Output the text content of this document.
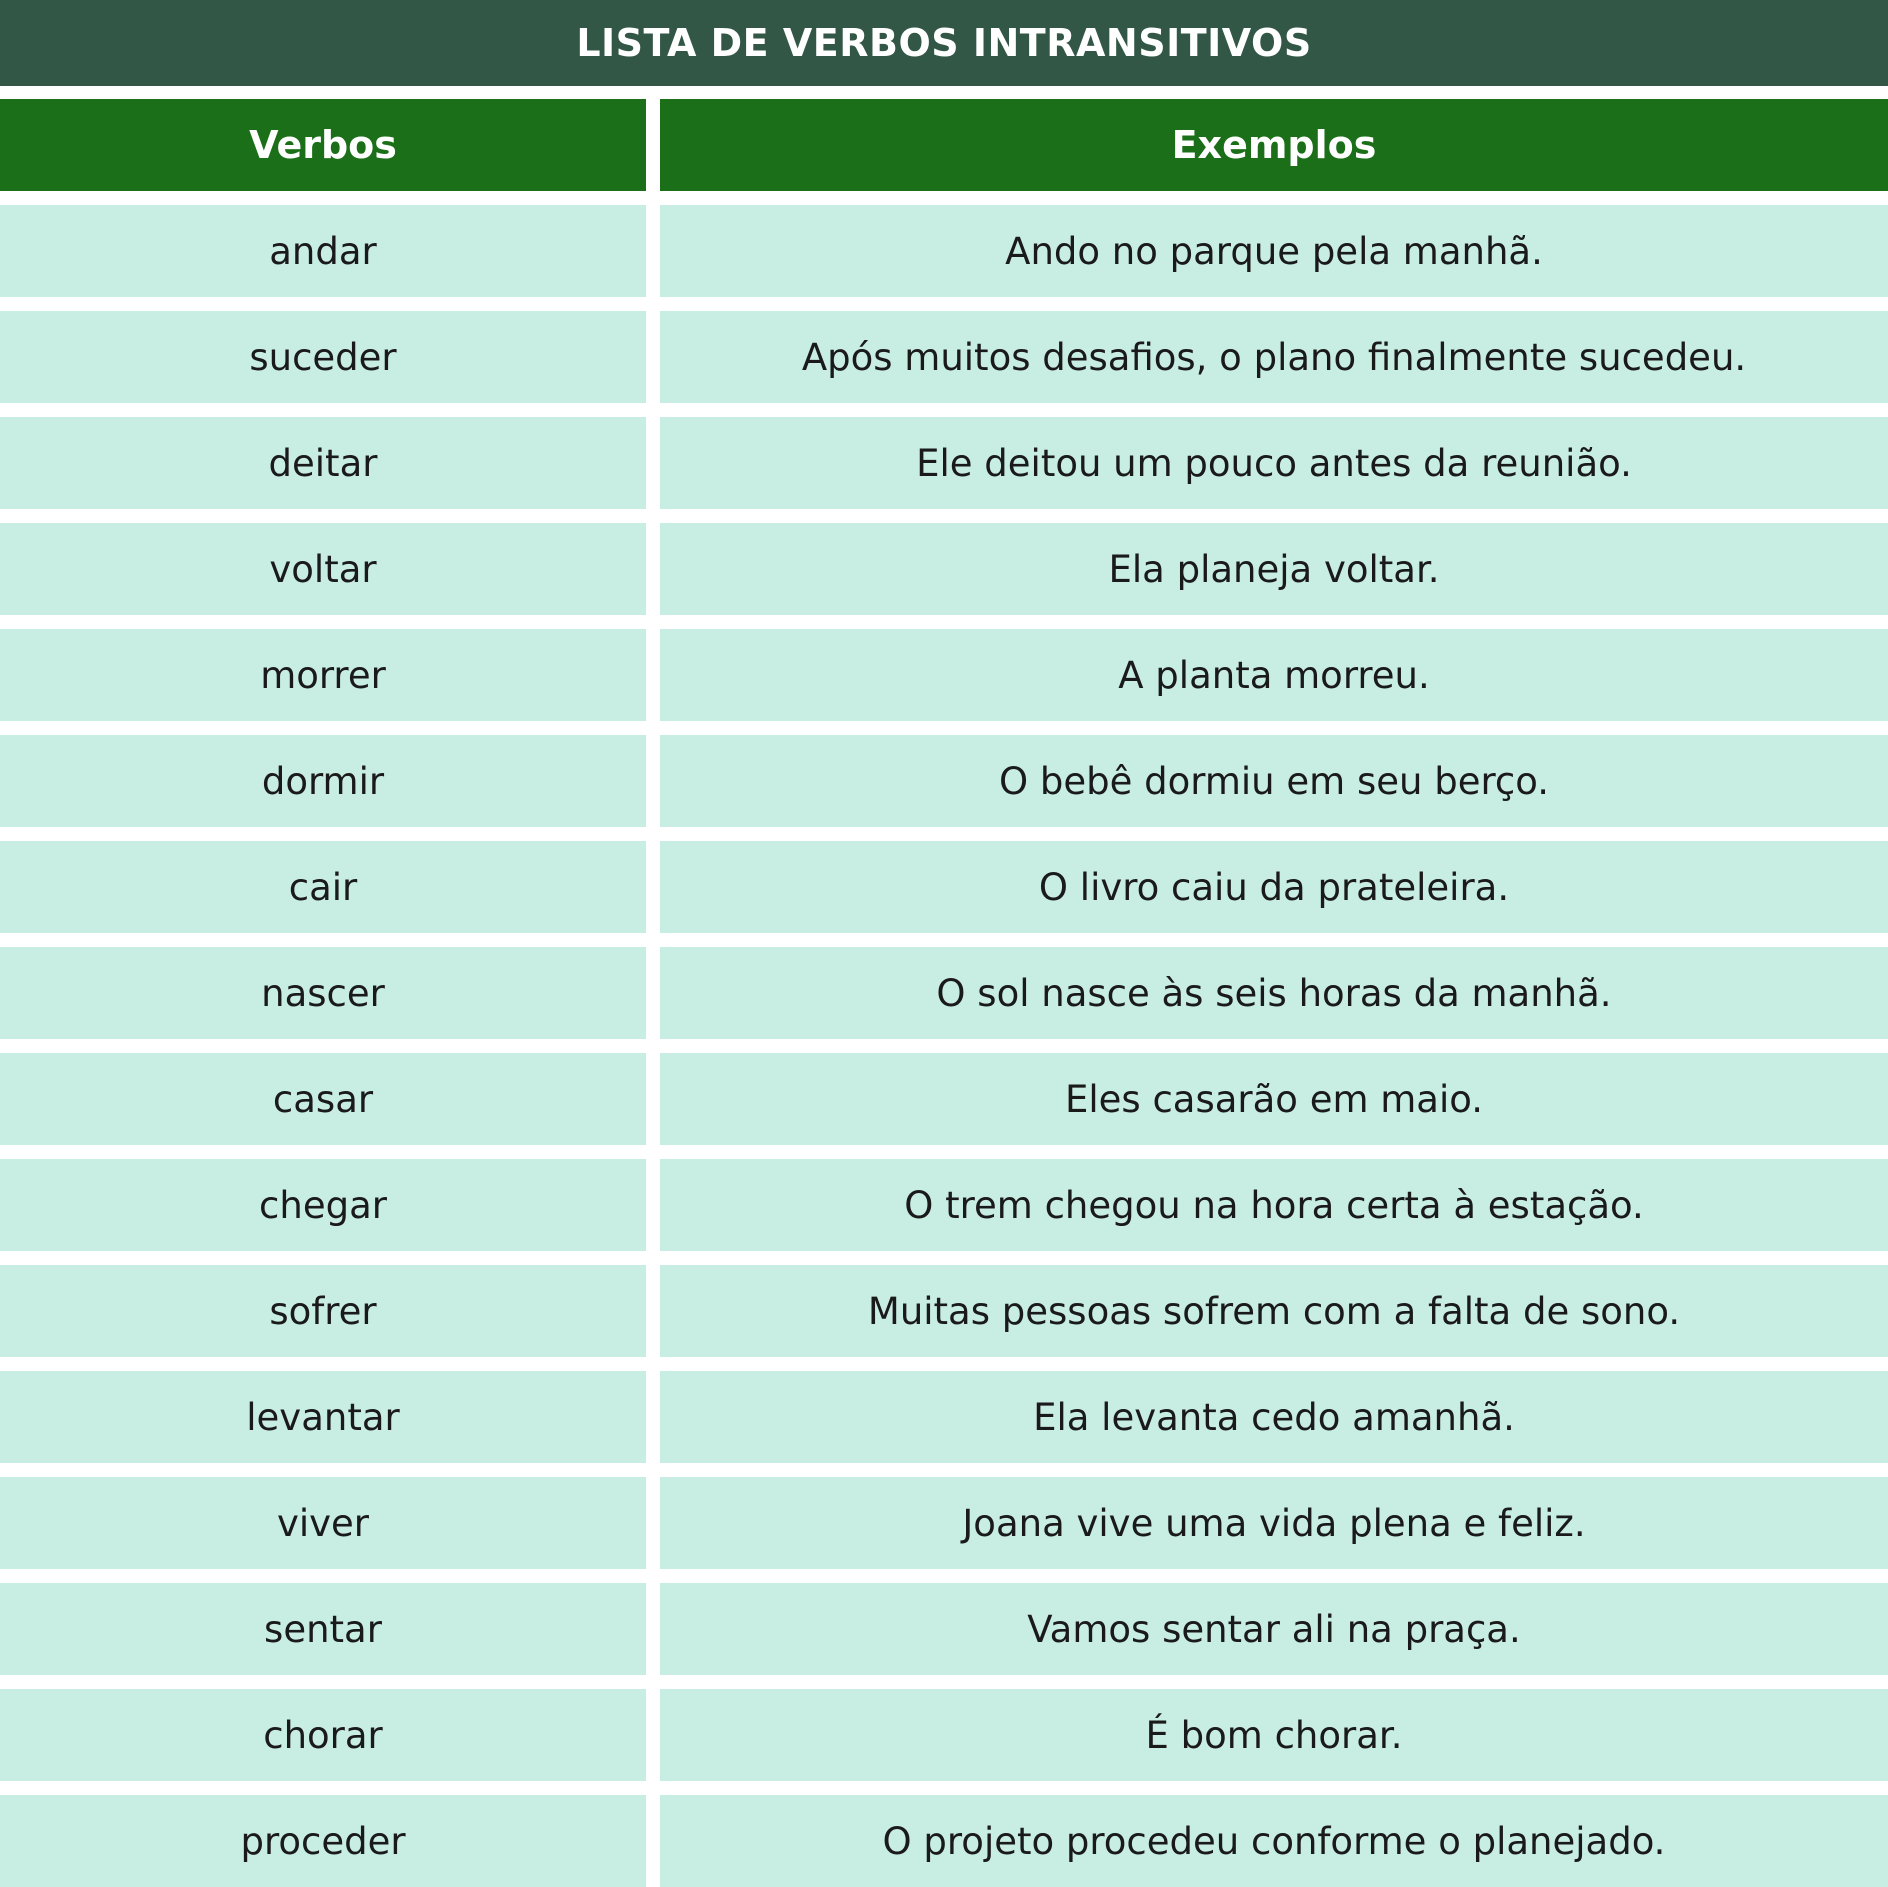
LISTA DE VERBOS INTRANSITIVOS
Verbos	Exemplos
andar	Ando no parque pela manhã.
suceder	Após muitos desafios, o plano finalmente sucedeu.
deitar	Ele deitou um pouco antes da reunião.
voltar	Ela planeja voltar.
morrer	A planta morreu.
dormir	O bebê dormiu em seu berço.
cair	O livro caiu da prateleira.
nascer	O sol nasce às seis horas da manhã.
casar	Eles casarão em maio.
chegar	O trem chegou na hora certa à estação.
sofrer	Muitas pessoas sofrem com a falta de sono.
levantar	Ela levanta cedo amanhã.
viver	Joana vive uma vida plena e feliz.
sentar	Vamos sentar ali na praça.
chorar	É bom chorar.
proceder	O projeto procedeu conforme o planejado.
